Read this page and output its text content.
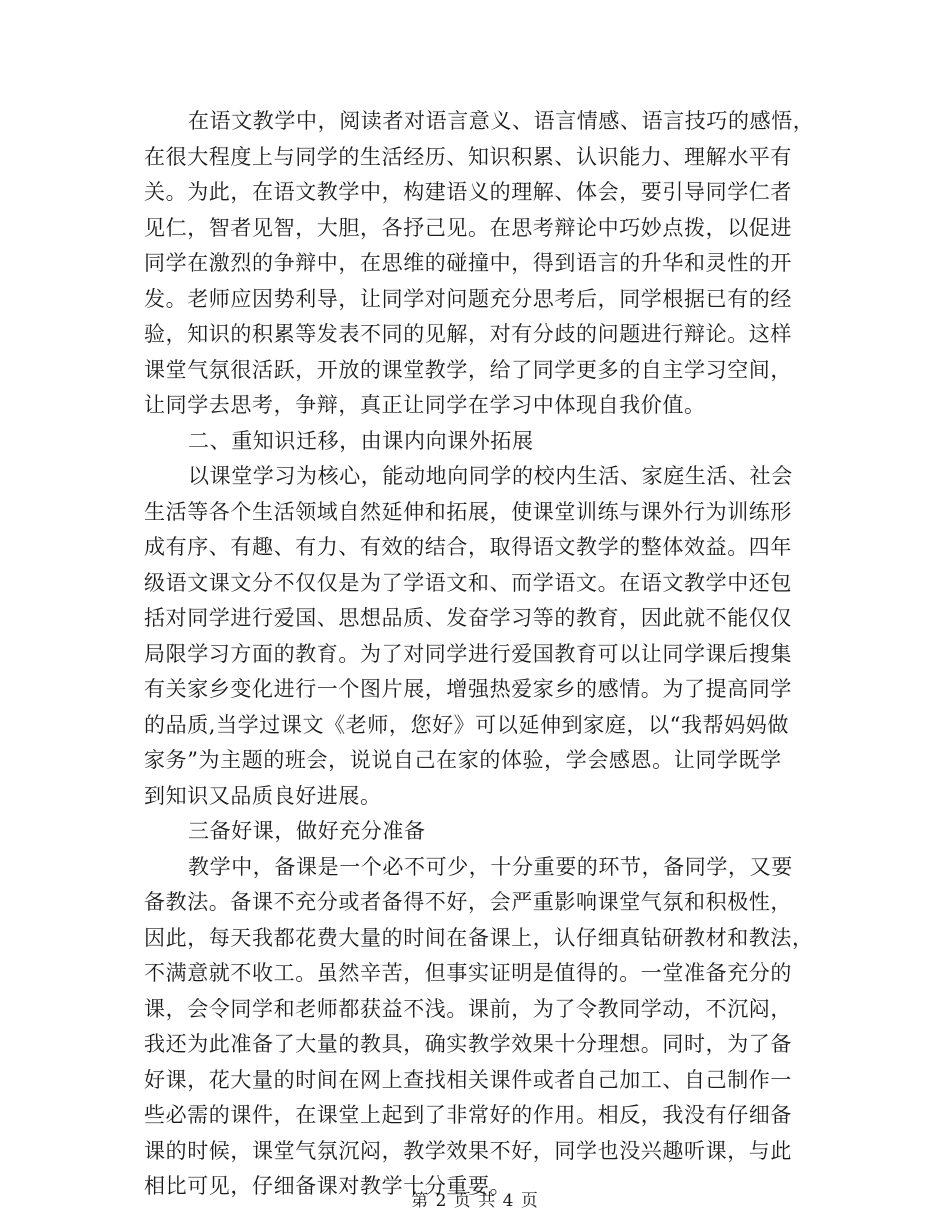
在语文教学中，阅读者对语言意义、语言情感、语言技巧的感悟，
在很大程度上与同学的生活经历、知识积累、认识能力、理解水平有
关。为此，在语文教学中，构建语义的理解、体会，要引导同学仁者
见仁，智者见智，大胆，各抒己见。在思考辩论中巧妙点拨，以促进
同学在激烈的争辩中，在思维的碰撞中，得到语言的升华和灵性的开
发。老师应因势利导，让同学对问题充分思考后，同学根据已有的经
验，知识的积累等发表不同的见解，对有分歧的问题进行辩论。这样
课堂气氛很活跃，开放的课堂教学，给了同学更多的自主学习空间，
让同学去思考，争辩，真正让同学在学习中体现自我价值。
二、重知识迁移，由课内向课外拓展
以课堂学习为核心，能动地向同学的校内生活、家庭生活、社会
生活等各个生活领域自然延伸和拓展，使课堂训练与课外行为训练形
成有序、有趣、有力、有效的结合，取得语文教学的整体效益。四年
级语文课文分不仅仅是为了学语文和、而学语文。在语文教学中还包
括对同学进行爱国、思想品质、发奋学习等的教育，因此就不能仅仅
局限学习方面的教育。为了对同学进行爱国教育可以让同学课后搜集
有关家乡变化进行一个图片展，增强热爱家乡的感情。为了提高同学
的品质,当学过课文《老师，您好》可以延伸到家庭，以“我帮妈妈做
家务”为主题的班会，说说自己在家的体验，学会感恩。让同学既学
到知识又品质良好进展。
三备好课，做好充分准备
教学中，备课是一个必不可少，十分重要的环节，备同学，又要
备教法。备课不充分或者备得不好，会严重影响课堂气氛和积极性，
因此，每天我都花费大量的时间在备课上，认仔细真钻研教材和教法，
不满意就不收工。虽然辛苦，但事实证明是值得的。一堂准备充分的
课，会令同学和老师都获益不浅。课前，为了令教同学动，不沉闷，
我还为此准备了大量的教具，确实教学效果十分理想。同时，为了备
好课，花大量的时间在网上查找相关课件或者自己加工、自己制作一
些必需的课件，在课堂上起到了非常好的作用。相反，我没有仔细备
课的时候，课堂气氛沉闷，教学效果不好，同学也没兴趣听课，与此
相比可见，仔细备课对教学十分重要。
第 2 页 共 4 页
